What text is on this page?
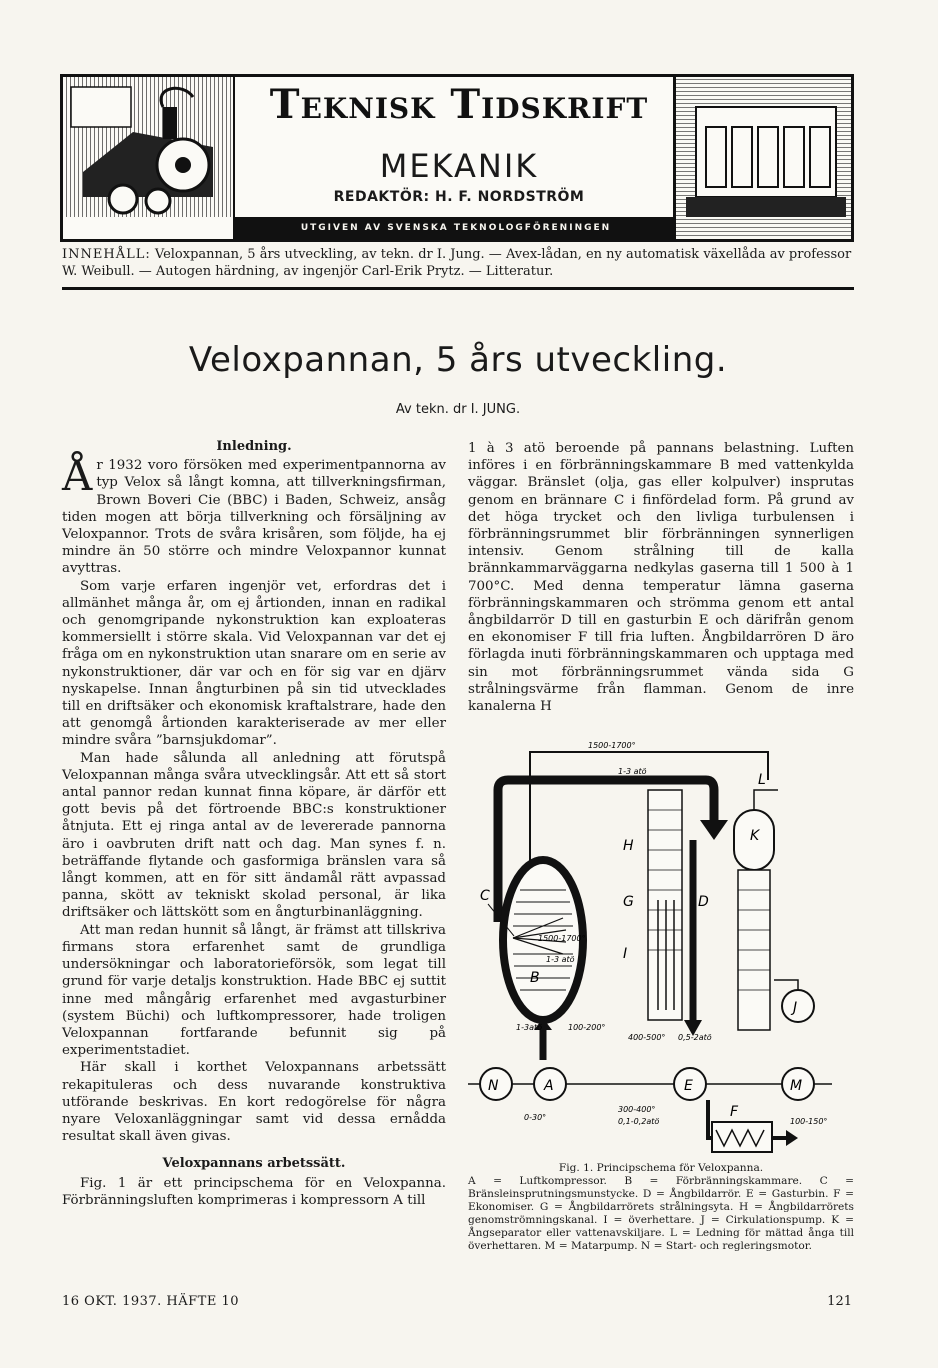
Teknisk Tidskrift
MEKANIK
REDAKTÖR: H. F. NORDSTRÖM
UTGIVEN AV SVENSKA TEKNOLOGFÖRENINGEN
INNEHÅLL: Veloxpannan, 5 års utveckling, av tekn. dr I. Jung. — Avex-lådan, en ny automatisk växellåda av professor W. Weibull. — Autogen härdning, av ingenjör Carl-Erik Prytz. — Litteratur.
Veloxpannan, 5 års utveckling.
Av tekn. dr I. JUNG.
Inledning.

År 1932 voro försöken med experimentpannorna av typ Velox så långt komna, att tillverkningsfirman, Brown Boveri Cie (BBC) i Baden, Schweiz, ansåg tiden mogen att börja tillverkning och försäljning av Veloxpannor. Trots de svåra krisåren, som följde, ha ej mindre än 50 större och mindre Veloxpannor kunnat avyttras.

Som varje erfaren ingenjör vet, erfordras det i allmänhet många år, om ej årtionden, innan en radikal och genomgripande nykonstruktion kan exploateras kommersiellt i större skala. Vid Veloxpannan var det ej fråga om en nykonstruktion utan snarare om en serie av nykonstruktioner, där var och en för sig var en djärv nyskapelse. Innan ångturbinen på sin tid utvecklades till en driftsäker och ekonomisk kraftalstrare, hade den att genomgå årtionden karakteriserade av mer eller mindre svåra ”barnsjukdomar”.

Man hade sålunda all anledning att förutspå Veloxpannan många svåra utvecklingsår. Att ett så stort antal pannor redan kunnat finna köpare, är därför ett gott bevis på det förtroende BBC:s konstruktioner åtnjuta. Ett ej ringa antal av de levererade pannorna äro i oavbruten drift natt och dag. Man synes f. n. beträffande flytande och gasformiga bränslen vara så långt kommen, att en för sitt ändamål rätt avpassad panna, skött av tekniskt skolad personal, är lika driftsäker och lättskött som en ångturbinanläggning.

Att man redan hunnit så långt, är främst att tillskriva firmans stora erfarenhet samt de grundliga undersökningar och laboratorieförsök, som legat till grund för varje detaljs konstruktion. Hade BBC ej suttit inne med mångårig erfarenhet med avgasturbiner (system Büchi) och luftkompressorer, hade troligen Veloxpannan fortfarande befunnit sig på experimentstadiet.

Här skall i korthet Veloxpannans arbetssätt rekapituleras och dess nuvarande konstruktiva utförande beskrivas. En kort redogörelse för några nyare Veloxanläggningar samt vid dessa ernådda resultat skall även givas.

Veloxpannans arbetssätt.

Fig. 1 är ett principschema för en Veloxpanna. Förbränningsluften komprimeras i kompressorn A till

1 à 3 atö beroende på pannans belastning. Luften införes i en förbränningskammare B med vattenkylda väggar. Bränslet (olja, gas eller kolpulver) insprutas genom en brännare C i finfördelad form. På grund av det höga trycket och den livliga turbulensen i förbränningsrummet blir förbränningen synnerligen intensiv. Genom strålning till de kalla brännkammarväggarna nedkylas gaserna till 1 500 à 1 700°C. Med denna temperatur lämna gaserna förbränningskammaren och strömma genom ett antal ångbildarrör D till en gasturbin E och därifrån genom en ekonomiser F till fria luften. Ångbildarrören D äro förlagda inuti förbränningskammaren och upptaga med sin mot förbränningsrummet vända sida G strålningsvärme från flamman. Genom de inre kanalerna H

1500-1700°
1-3 atö
C
B
1-3atö	100-200°
H
G
I
D
400-500° 0,5-2atö
K
L
J
N	A	E	M
0-30°
300-400°
0,1-0,2atö
F
100-150°
1500-1700°
1-3 atö
Fig. 1. Principschema för Veloxpanna.
A = Luftkompressor. B = Förbränningskammare. C = Bränsleinsprutningsmunstycke. D = Ångbildarrör. E = Gasturbin. F = Ekonomiser. G = Ångbildarrörets strålningsyta. H = Ångbildarrörets genomströmningskanal. I = överhettare. J = Cirkulationspump. K = Ångseparator eller vattenavskiljare. L = Ledning för mättad ånga till överhettaren. M = Matarpump. N = Start- och regleringsmotor.
16 OKT. 1937. HÄFTE 10	121
